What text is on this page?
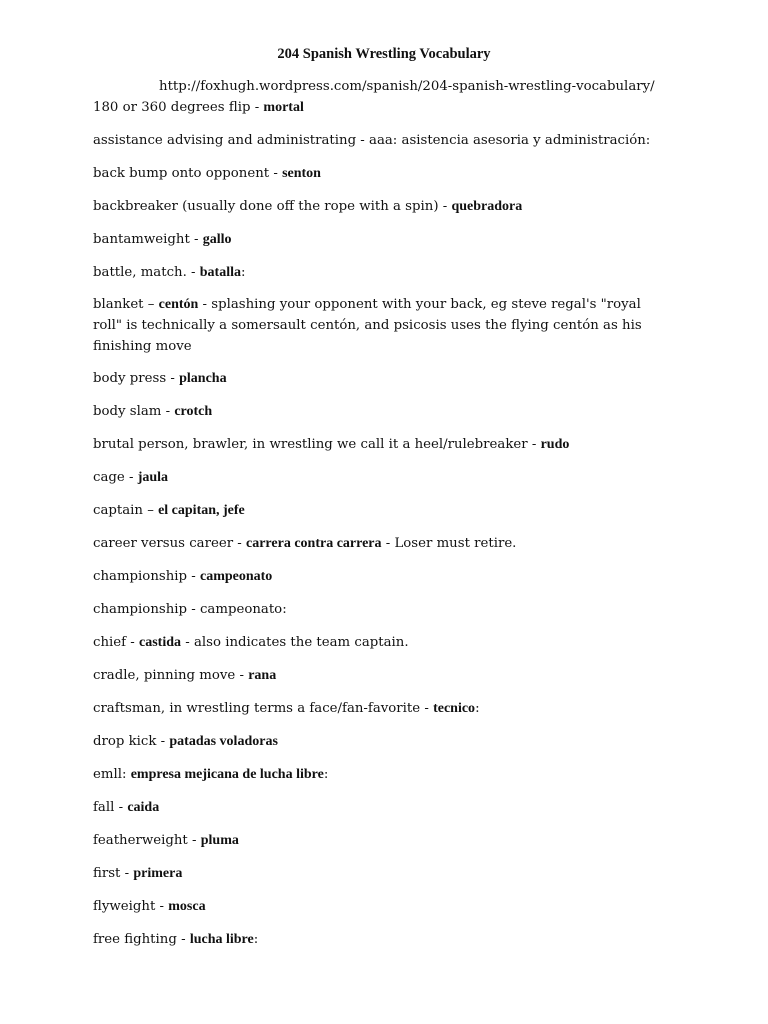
204 Spanish Wrestling Vocabulary
http://foxhugh.wordpress.com/spanish/204-spanish-wrestling-vocabulary/

180 or 360 degrees flip - mortal

assistance advising and administrating - aaa: asistencia asesoria y administración:

back bump onto opponent - senton

backbreaker (usually done off the rope with a spin) - quebradora

bantamweight - gallo

battle, match. - batalla:

blanket – centón - splashing your opponent with your back, eg steve regal's "royal roll" is technically a somersault centón, and psicosis uses the flying centón as his finishing move

body press - plancha

body slam - crotch

brutal person, brawler, in wrestling we call it a heel/rulebreaker - rudo

cage - jaula

captain – el capitan, jefe

career versus career - carrera contra carrera - Loser must retire.

championship - campeonato

championship - campeonato:

chief - castida - also indicates the team captain.

cradle, pinning move - rana

craftsman, in wrestling terms a face/fan-favorite - tecnico:

drop kick - patadas voladoras

emll: empresa mejicana de lucha libre:

fall - caida

featherweight - pluma

first - primera

flyweight - mosca

free fighting - lucha libre:
